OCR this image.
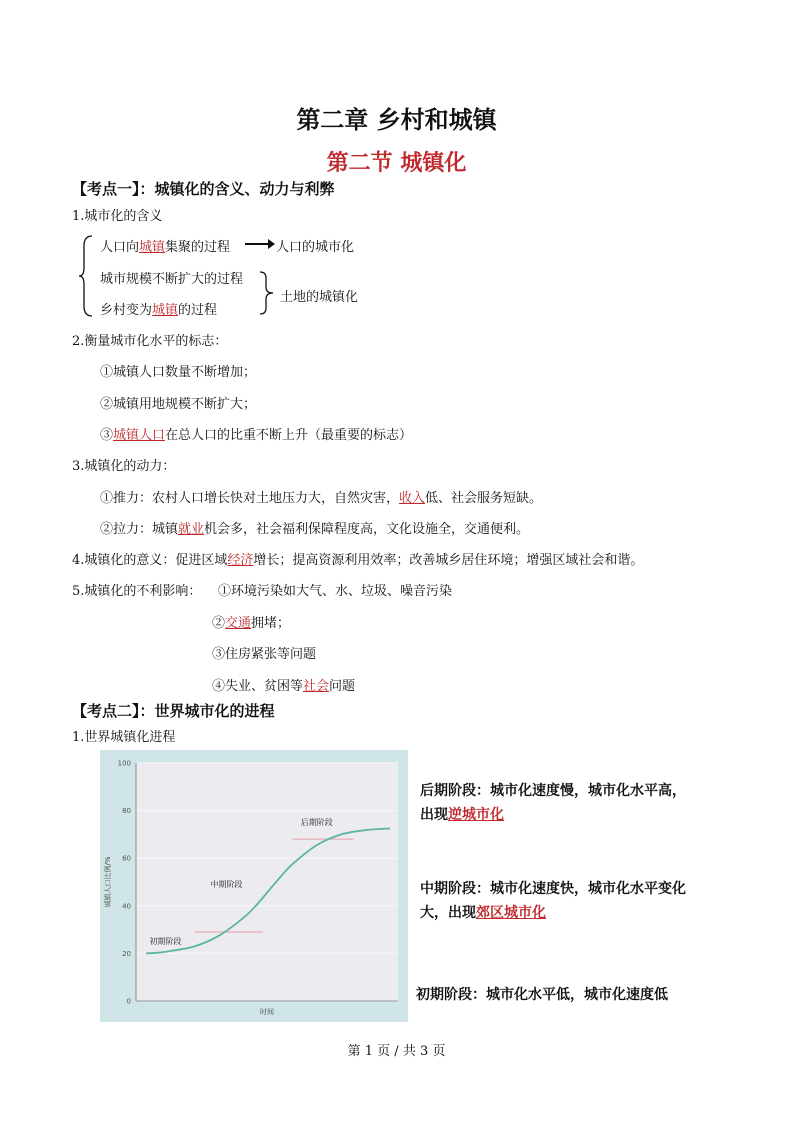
第二章 乡村和城镇
第二节 城镇化
【考点一】：城镇化的含义、动力与利弊
1.城市化的含义
人口向城镇集聚的过程	人口的城市化
城市规模不断扩大的过程
乡村变为城镇的过程
土地的城镇化
2.衡量城市化水平的标志：
①城镇人口数量不断增加；
②城镇用地规模不断扩大；
③城镇人口在总人口的比重不断上升（最重要的标志）
3.城镇化的动力：
①推力：农村人口增长快对土地压力大，自然灾害，收入低、社会服务短缺。
②拉力：城镇就业机会多，社会福利保障程度高，文化设施全，交通便利。
4.城镇化的意义：促进区域经济增长；提高资源利用效率；改善城乡居住环境；增强区域社会和谐。
5.城镇化的不利影响： ①环境污染如大气、水、垃圾、噪音污染
②交通拥堵；
③住房紧张等问题
④失业、贫困等社会问题
【考点二】：世界城市化的进程
1.世界城镇化进程
0
20
40
60
80
100
初期阶段
中期阶段
后期阶段
时间
城镇人口比例/%
后期阶段：城市化速度慢，城市化水平高，出现逆城市化
中期阶段：城市化速度快，城市化水平变化大，出现郊区城市化
初期阶段：城市化水平低，城市化速度低
第 1 页 / 共 3 页
